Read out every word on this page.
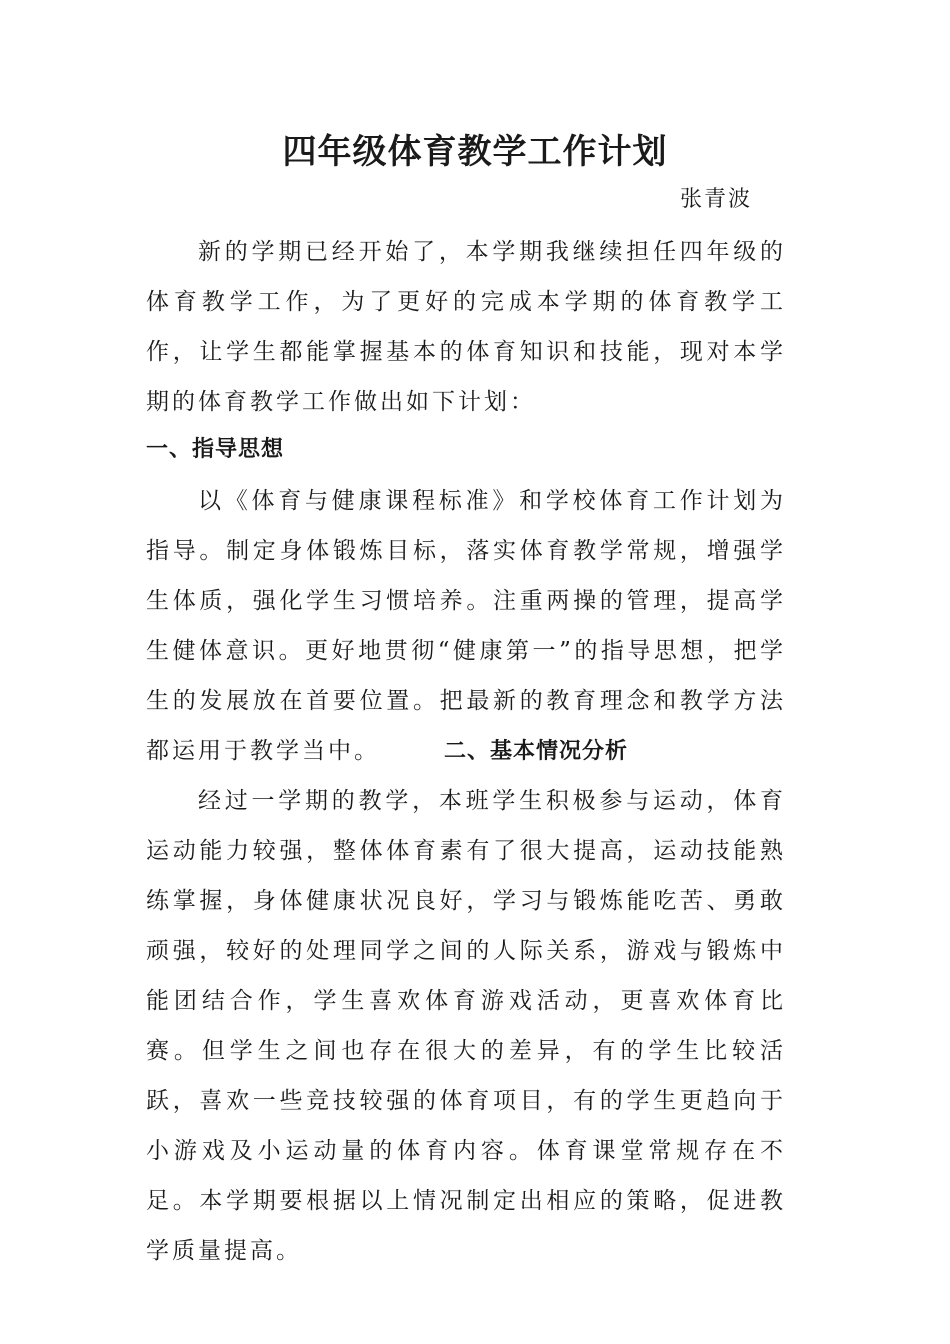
四年级体育教学工作计划
张青波

新的学期已经开始了，本学期我继续担任四年级的体育教学工作，为了更好的完成本学期的体育教学工作，让学生都能掌握基本的体育知识和技能，现对本学期的体育教学工作做出如下计划：

一、指导思想

以《体育与健康课程标准》和学校体育工作计划为指导。制定身体锻炼目标，落实体育教学常规，增强学生体质，强化学生习惯培养。注重两操的管理，提高学生健体意识。更好地贯彻“健康第一”的指导思想，把学生的发展放在首要位置。把最新的教育理念和教学方法都运用于教学当中。	二、基本情况分析

经过一学期的教学，本班学生积极参与运动，体育运动能力较强，整体体育素有了很大提高，运动技能熟练掌握，身体健康状况良好，学习与锻炼能吃苦、勇敢顽强，较好的处理同学之间的人际关系，游戏与锻炼中能团结合作，学生喜欢体育游戏活动，更喜欢体育比赛。但学生之间也存在很大的差异，有的学生比较活跃，喜欢一些竞技较强的体育项目，有的学生更趋向于小游戏及小运动量的体育内容。体育课堂常规存在不足。本学期要根据以上情况制定出相应的策略，促进教学质量提高。
